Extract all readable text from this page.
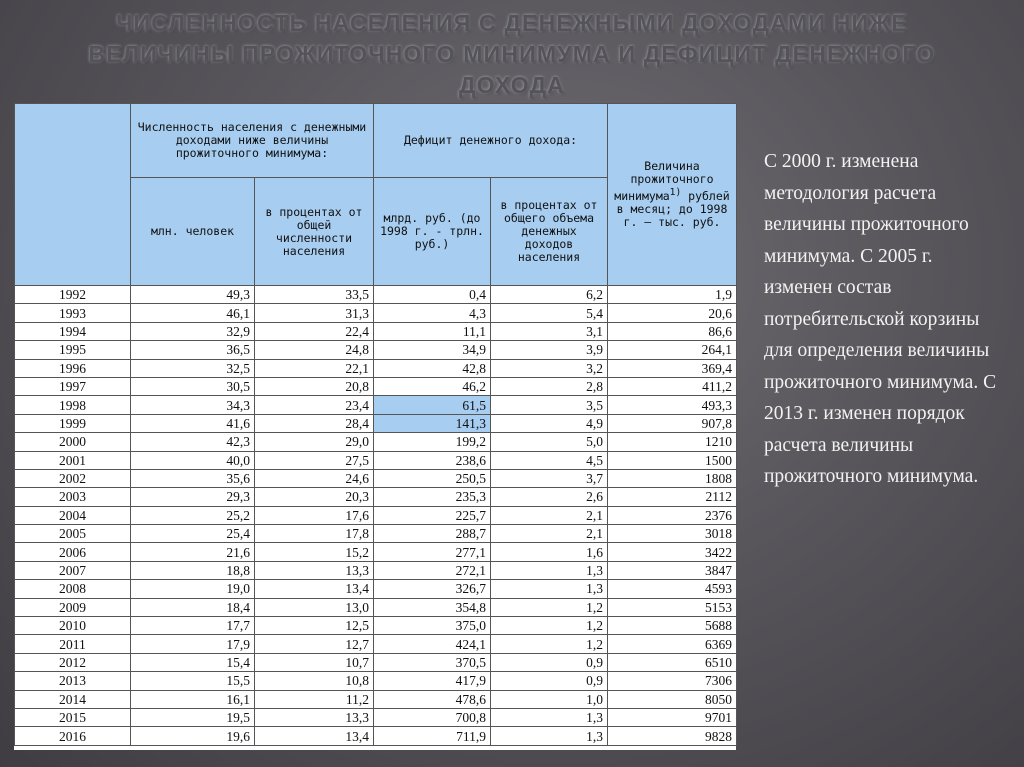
ЧИСЛЕННОСТЬ НАСЕЛЕНИЯ С ДЕНЕЖНЫМИ ДОХОДАМИ НИЖЕ
ВЕЛИЧИНЫ ПРОЖИТОЧНОГО МИНИМУМА И ДЕФИЦИТ ДЕНЕЖНОГО
ДОХОДА
	Численность населения с денежными доходами ниже величины прожиточного минимума:		Дефицит денежного дохода:		Величина прожиточного минимума$^{1)}$ рублей в месяц; до 1998 г. – тыс. руб.
	млн. человек	в процентах от общей численности населения	млрд. руб. (до 1998 г. - трлн. руб.)	в процентах от общего объема денежных доходов населения	
1992	49,3	33,5	0,4	6,2	1,9
1993	46,1	31,3	4,3	5,4	20,6
1994	32,9	22,4	11,1	3,1	86,6
1995	36,5	24,8	34,9	3,9	264,1
1996	32,5	22,1	42,8	3,2	369,4
1997	30,5	20,8	46,2	2,8	411,2
1998	34,3	23,4	61,5	3,5	493,3
1999	41,6	28,4	141,3	4,9	907,8
2000	42,3	29,0	199,2	5,0	1210
2001	40,0	27,5	238,6	4,5	1500
2002	35,6	24,6	250,5	3,7	1808
2003	29,3	20,3	235,3	2,6	2112
2004	25,2	17,6	225,7	2,1	2376
2005	25,4	17,8	288,7	2,1	3018
2006	21,6	15,2	277,1	1,6	3422
2007	18,8	13,3	272,1	1,3	3847
2008	19,0	13,4	326,7	1,3	4593
2009	18,4	13,0	354,8	1,2	5153
2010	17,7	12,5	375,0	1,2	5688
2011	17,9	12,7	424,1	1,2	6369
2012	15,4	10,7	370,5	0,9	6510
2013	15,5	10,8	417,9	0,9	7306
2014	16,1	11,2	478,6	1,0	8050
2015	19,5	13,3	700,8	1,3	9701
2016	19,6	13,4	711,9	1,3	9828
С 2000 г. изменена методология расчета величины прожиточного минимума. С 2005 г. изменен состав потребительской корзины для определения величины прожиточного минимума. С 2013 г. изменен порядок расчета величины прожиточного минимума.
